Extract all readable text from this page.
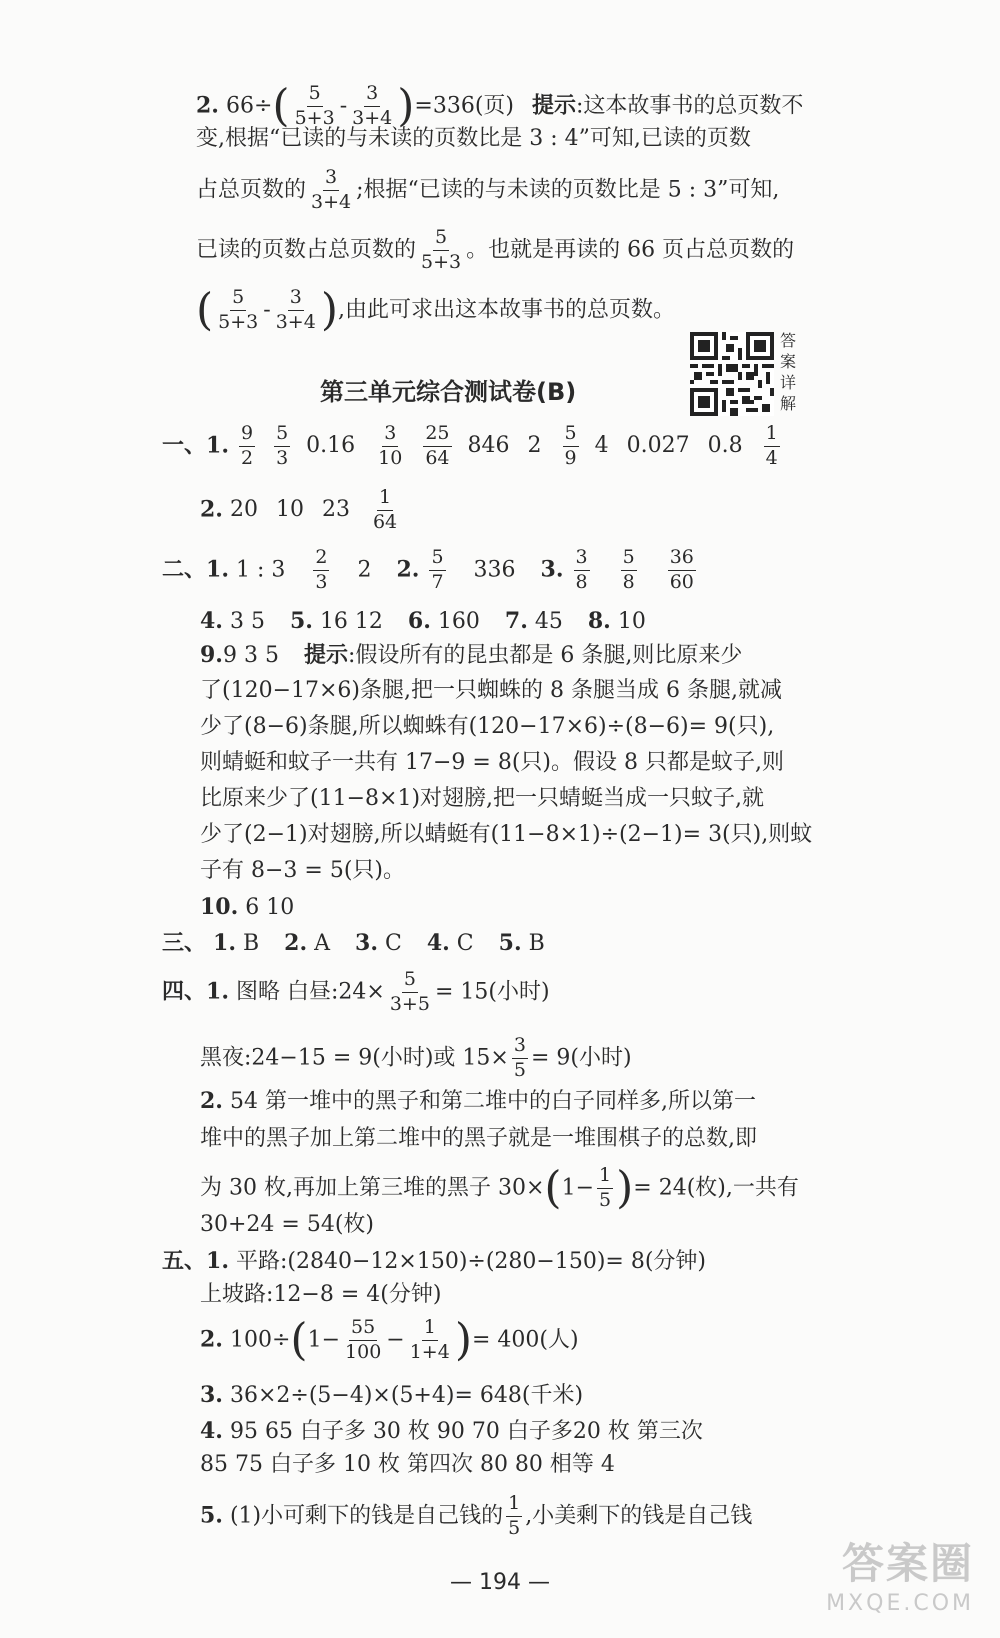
2. $66\div( \frac{5}{5+3} - \frac{3}{3+4} )=336$(页) 提示:这本故事书的总页数不
变,根据“已读的与未读的页数比是 3 : 4”可知,已读的页数
占总页数的 $\frac{3}{3+4}$ ;根据“已读的与未读的页数比是 5 : 3”可知,
已读的页数占总页数的 $\frac{5}{5+3}$ 。也就是再读的 66 页占总页数的
( $\frac{5}{5+3} - \frac{3}{3+4}$ ),由此可求出这本故事书的总页数。
第三单元综合测试卷(B)
答
案
详
解
一、1. $\frac{9}{2} \frac{5}{3} 0.16 \frac{3}{10} \frac{25}{64} 846$ $2 \frac{5}{9} 4$ 0.027 $0.8 \frac{1}{4}$
2. 20 10 $23 \frac{1}{64}$
二、1. 1 : $3 \frac{2}{3} 2$ 2. $\frac{5}{7} 336$ 3. $\frac{3}{8}$
$\frac{5}{8}$
$\frac{36}{60}$
4. 3 5 5. 16 12 6. 160 7. 45 8. 10
9.9 3 5 提示:假设所有的昆虫都是 6 条腿,则比原来少
了(120−17×6)条腿,把一只蜘蛛的 8 条腿当成 6 条腿,就减
少了(8−6)条腿,所以蜘蛛有(120−17×6)÷(8−6)= 9(只),
则蜻蜓和蚊子一共有 17−9 = 8(只)。假设 8 只都是蚊子,则
比原来少了(11−8×1)对翅膀,把一只蜻蜓当成一只蚊子,就
少了(2−1)对翅膀,所以蜻蜓有(11−8×1)÷(2−1)= 3(只),则蚊
子有 8−3 = 5(只)。
10. 6 10
三、 1. B 2. A 3. C 4. C 5. B
四、1. 图略 白昼:24× $\frac{5}{3+5} = 15$(小时)
黑夜:24−15 = 9(小时)或 $15\times \frac{3}{5} = 9$(小时)
2. 54 第一堆中的黑子和第二堆中的白子同样多,所以第一
堆中的黑子加上第二堆中的黑子就是一堆围棋子的总数,即
为 30 枚,再加上第三堆的黑子 $30\times(1- \frac{1}{5}$ )= 24(枚),一共有
30+24 = 54(枚)
五、1. 平路:(2840−12×150)÷(280−150)= 8(分钟)
上坡路:12−8 = 4(分钟)
2. $100\div(1- \frac{55}{100} - \frac{1}{1+4}$ )= 400(人)
3. 36×2÷(5−4)×(5+4)= 648(千米)
4. 95 65 白子多 30 枚 90 70 白子多20 枚 第三次
85 75 白子多 10 枚 第四次 80 80 相等 4
5. (1)小可剩下的钱是自己钱的 $\frac{1}{5}$ ,小美剩下的钱是自己钱
— 194 —	答案圈
MXQE.COM
